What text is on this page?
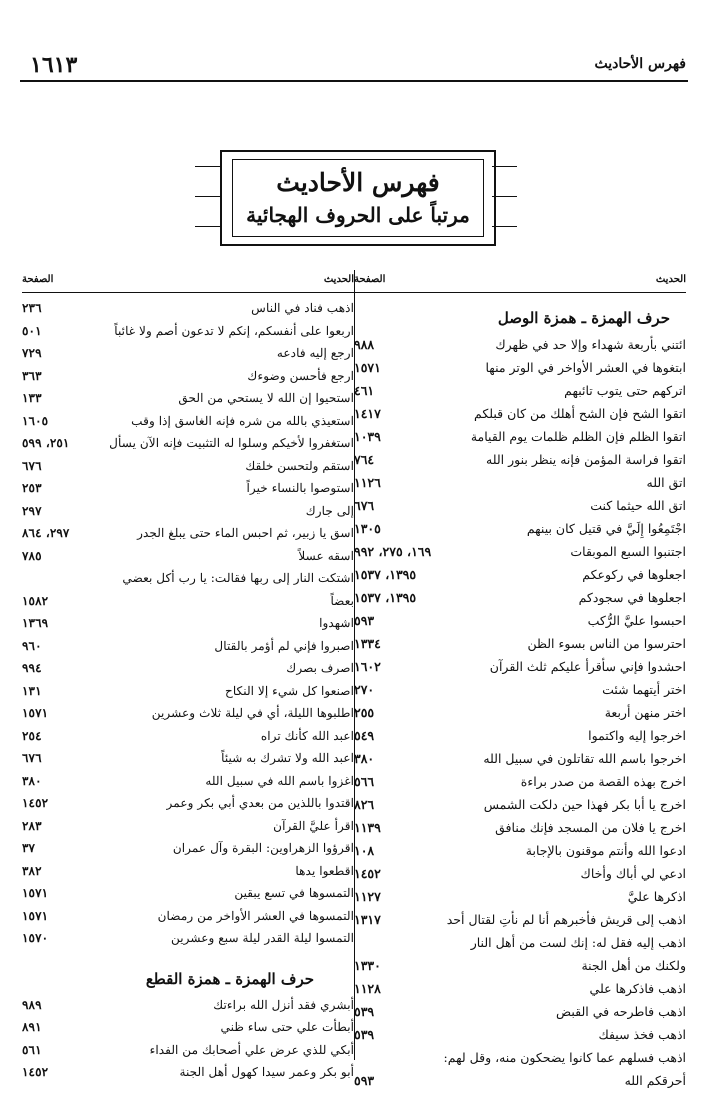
١٦١٣	فهرس الأحاديث
فهرس الأحاديث
مرتباً على الحروف الهجائية
الحديث
الصفحة
حرف الهمزة ـ همزة الوصل
ائتني بأربعة شهداء وإلا حد في ظهرك
٩٨٨
ابتغوها في العشر الأواخر في الوتر منها
١٥٧١
اتركهم حتى يتوب تائبهم
٤٦١
اتقوا الشح فإن الشح أهلك من كان قبلكم
١٤١٧
اتقوا الظلم فإن الظلم ظلمات يوم القيامة
١٠٣٩
اتقوا فراسة المؤمن فإنه ينظر بنور الله
٧٦٤
اتق الله
١١٢٦
اتق الله حيثما كنت
٦٧٦
اجْتَمِعُوا إِلَيَّ في قتيل كان بينهم
١٣٠٥
اجتنبوا السبع الموبقات
١٦٩، ٢٧٥، ٩٩٢
اجعلوها في ركوعكم
١٣٩٥، ١٥٣٧
اجعلوها في سجودكم
١٣٩٥، ١٥٣٧
احبسوا عليَّ الرُّكب
٥٩٣
احترسوا من الناس بسوء الظن
١٣٣٤
احشدوا فإني سأقرأ عليكم ثلث القرآن
١٦٠٢
اختر أيتهما شئت
٢٧٠
اختر منهن أربعة
٢٥٥
اخرجوا إليه واكتموا
٥٤٩
اخرجوا باسم الله تقاتلون في سبيل الله
٣٨٠
اخرج بهذه القصة من صدر براءة
٥٦٦
اخرج يا أبا بكر فهذا حين دلكت الشمس
٨٢٦
اخرج يا فلان من المسجد فإنك منافق
١١٣٩
ادعوا الله وأنتم موقنون بالإجابة
١٠٨
ادعي لي أباك وأخاك
١٤٥٢
اذكرها عليَّ
١١٢٧
اذهب إلى قريش فأخبرهم أنا لم نأتِ لقتال أحد
١٣١٧
اذهب إليه فقل له: إنك لست من أهل النار ولكنك من أهل الجنة
١٣٣٠
اذهب فاذكرها علي
١١٢٨
اذهب فاطرحه في القبض
٥٣٩
اذهب فخذ سيفك
٥٣٩
اذهب فسلهم عما كانوا يضحكون منه، وقل لهم: أحرقكم الله
٥٩٣
الحديث
الصفحة
اذهب فناد في الناس
٢٣٦
اربعوا على أنفسكم، إنكم لا تدعون أصم ولا غائباً
٥٠١
ارجع إليه فادعه
٧٢٩
ارجع فأحسن وضوءك
٣٦٣
استحيوا إن الله لا يستحي من الحق
١٣٣
استعيذي بالله من شره فإنه الغاسق إذا وقب
١٦٠٥
استغفروا لأخيكم وسلوا له التثبيت فإنه الآن يسأل
٢٥١، ٥٩٩
استقم ولتحسن خلقك
٦٧٦
استوصوا بالنساء خيراً
٢٥٣
إلى جارك
٢٩٧
اسق يا زبير، ثم احبس الماء حتى يبلغ الجدر
٢٩٧، ٨٦٤
اسقه عسلاً
٧٨٥
اشتكت النار إلى ربها فقالت: يا رب أكل بعضي بعضاً
١٥٨٢
اشهدوا
١٣٦٩
اصبروا فإني لم أؤمر بالقتال
٩٦٠
اصرف بصرك
٩٩٤
اصنعوا كل شيء إلا النكاح
١٣١
اطلبوها الليلة، أي في ليلة ثلاث وعشرين
١٥٧١
اعبد الله كأنك تراه
٢٥٤
اعبد الله ولا تشرك به شيئاً
٦٧٦
اغزوا باسم الله في سبيل الله
٣٨٠
اقتدوا باللذين من بعدي أبي بكر وعمر
١٤٥٢
اقرأ عليَّ القرآن
٢٨٣
اقرؤوا الزهراوين: البقرة وآل عمران
٣٧
اقطعوا يدها
٣٨٢
التمسوها في تسع يبقين
١٥٧١
التمسوها في العشر الأواخر من رمضان
١٥٧١
التمسوا ليلة القدر ليلة سبع وعشرين
١٥٧٠
حرف الهمزة ـ همزة القطع
أبشري فقد أنزل الله براءتك
٩٨٩
أبطأت علي حتى ساء ظني
٨٩١
أبكي للذي عرض علي أصحابك من الفداء
٥٦١
أبو بكر وعمر سيدا كهول أهل الجنة
١٤٥٢
